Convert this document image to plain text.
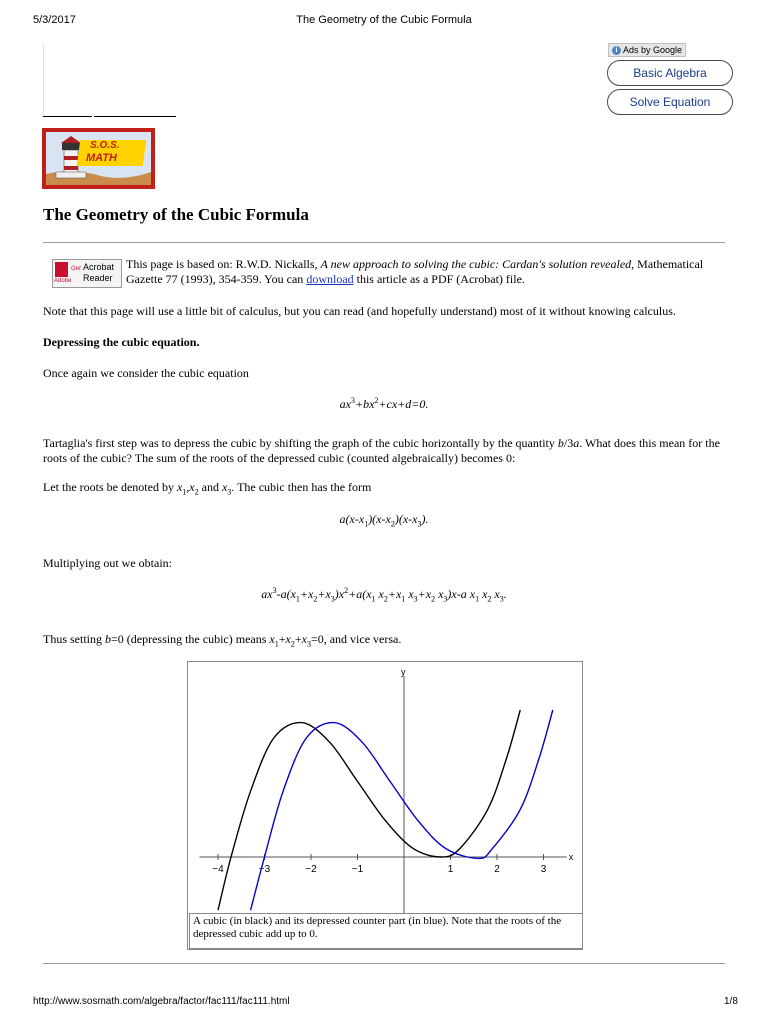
5/3/2017	The Geometry of the Cubic Formula
i Ads by Google
Basic Algebra
Solve Equation
S.O.S.
MATH
The Geometry of the Cubic Formula
Adobe
Get Acrobat
Reader

This page is based on: R.W.D. Nickalls, A new approach to solving the cubic: Cardan's solution revealed, Mathematical Gazette 77 (1993), 354-359. You can download this article as a PDF (Acrobat) file.

Note that this page will use a little bit of calculus, but you can read (and hopefully understand) most of it without knowing calculus.

Depressing the cubic equation.

Once again we consider the cubic equation

$ax^3+bx^2+cx+d=0$.

Tartaglia's first step was to depress the cubic by shifting the graph of the cubic horizontally by the quantity b/3a. What does this mean for the roots of the cubic? The sum of the roots of the depressed cubic (counted algebraically) becomes 0:

Let the roots be denoted by $x_1,x_2$ and $x_3$. The cubic then has the form

$a(x-x_1)(x-x_2)(x-x_3)$.

Multiplying out we obtain:

$ax^3-a(x_1+x_2+x_3)x^2+a(x_1$ $x_2+x_1$ $x_3+x_2$ $x_3)x-a$ $x_1$ $x_2$ $x_3$.

Thus setting b=0 (depressing the cubic) means $x_1+x_2+x_3=0$, and vice versa.

x
y
−4	−3	−2	−1	1	2	3
A cubic (in black) and its depressed counter part (in blue). Note that the roots of the depressed cubic add up to 0.
http://www.sosmath.com/algebra/factor/fac111/fac111.html	1/8
